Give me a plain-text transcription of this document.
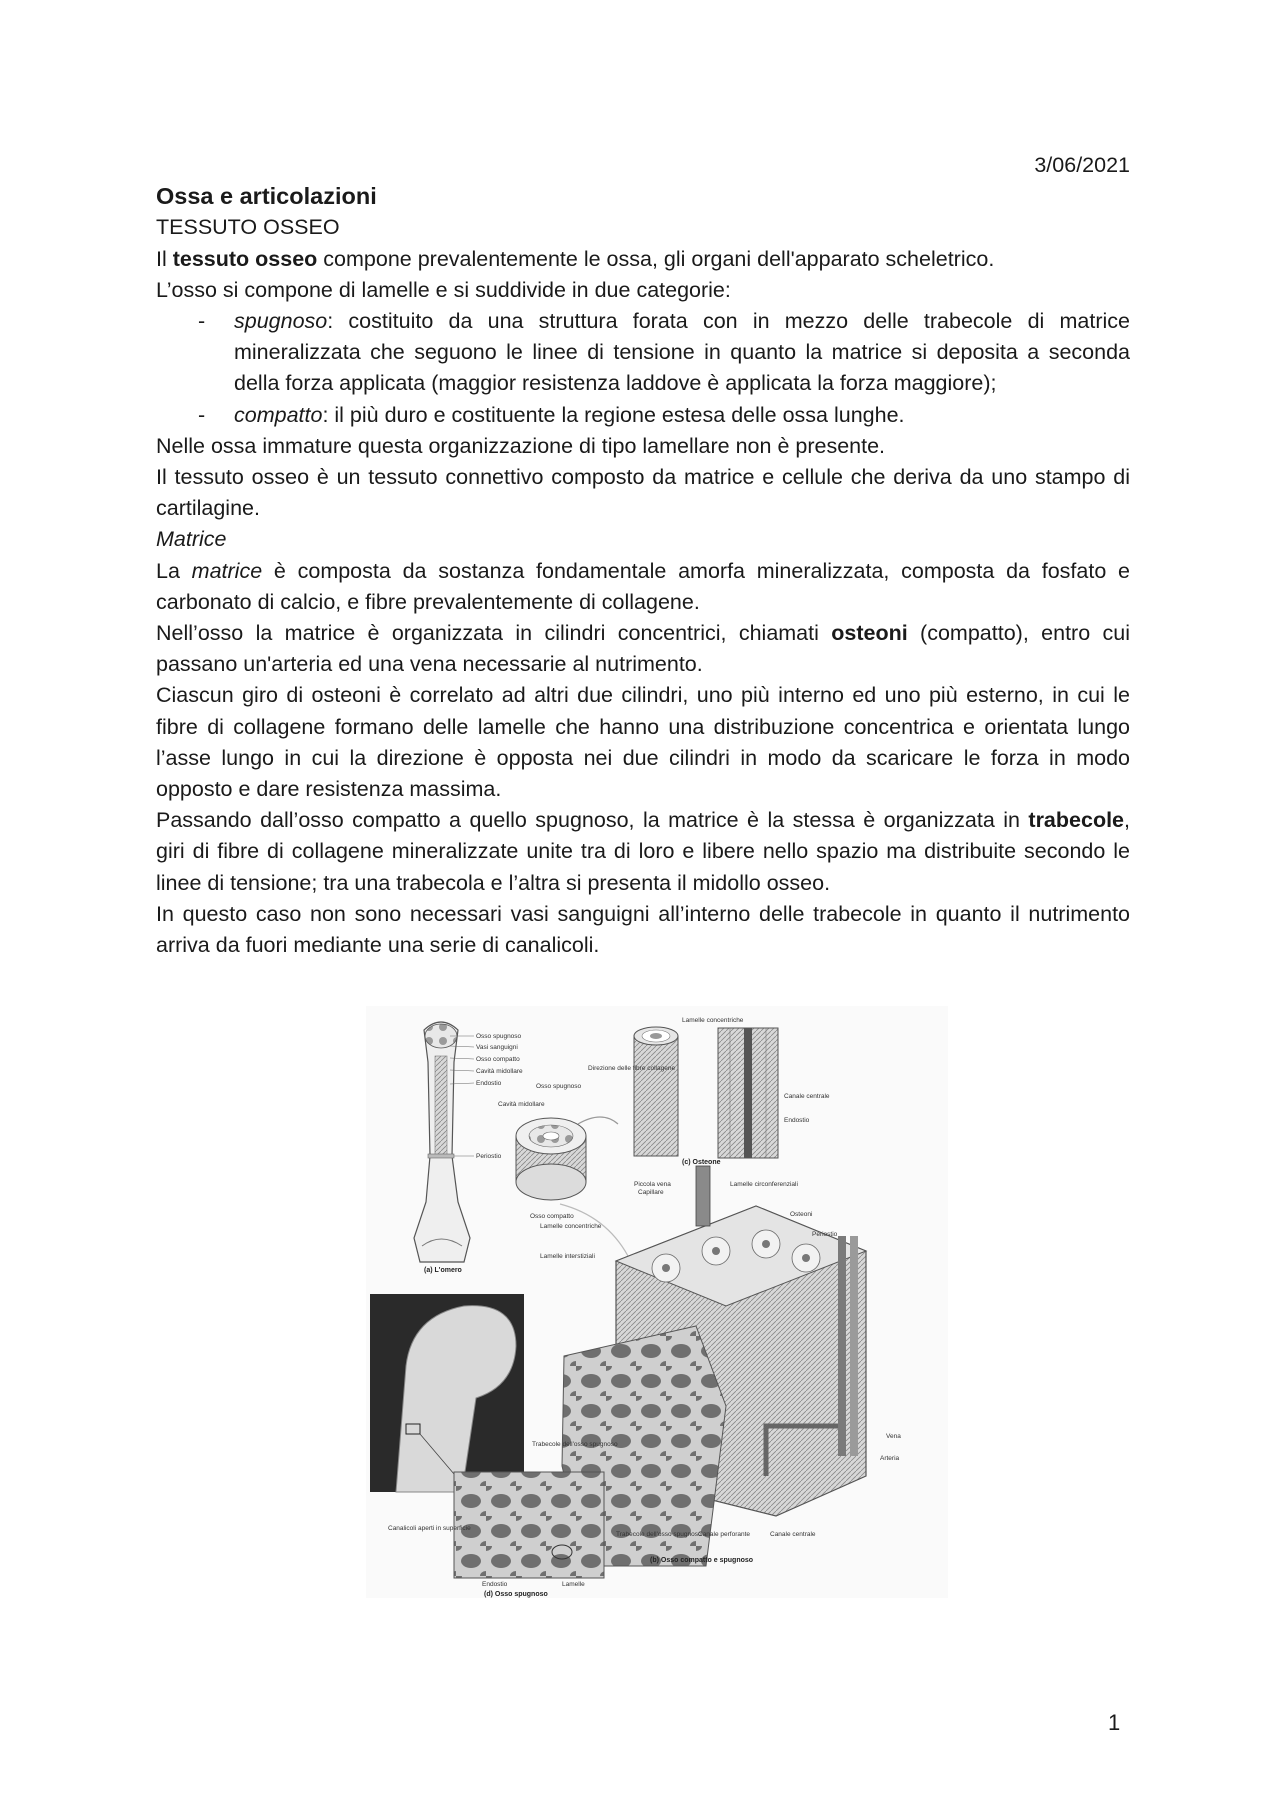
3/06/2021
Ossa e articolazioni
TESSUTO OSSEO

Il tessuto osseo compone prevalentemente le ossa, gli organi dell'apparato scheletrico.

L’osso si compone di lamelle e si suddivide in due categorie:

- spugnoso: costituito da una struttura forata con in mezzo delle trabecole di matrice mineralizzata che seguono le linee di tensione in quanto la matrice si deposita a seconda della forza applicata (maggior resistenza laddove è applicata la forza maggiore);
- compatto: il più duro e costituente la regione estesa delle ossa lunghe.

Nelle ossa immature questa organizzazione di tipo lamellare non è presente.

Il tessuto osseo è un tessuto connettivo composto da matrice e cellule che deriva da uno stampo di cartilagine.

Matrice

La matrice è composta da sostanza fondamentale amorfa mineralizzata, composta da fosfato e carbonato di calcio, e fibre prevalentemente di collagene.

Nell’osso la matrice è organizzata in cilindri concentrici, chiamati osteoni (compatto), entro cui passano un'arteria ed una vena necessarie al nutrimento.

Ciascun giro di osteoni è correlato ad altri due cilindri, uno più interno ed uno più esterno, in cui le fibre di collagene formano delle lamelle che hanno una distribuzione concentrica e orientata lungo l’asse lungo in cui la direzione è opposta nei due cilindri in modo da scaricare le forza in modo opposto e dare resistenza massima.

Passando dall’osso compatto a quello spugnoso, la matrice è la stessa è organizzata in trabecole, giri di fibre di collagene mineralizzate unite tra di loro e libere nello spazio ma distribuite secondo le linee di tensione; tra una trabecola e l’altra si presenta il midollo osseo.

In questo caso non sono necessari vasi sanguigni all’interno delle trabecole in quanto il nutrimento arriva da fuori mediante una serie di canalicoli.

Osso spugnoso
Vasi sanguigni
Osso compatto
Cavità midollare
Endostio
Periostio
(a) L'omero
Osso spugnoso
Cavità midollare
Osso compatto
Lamelle concentriche
Direzione delle fibre collagene
Canale centrale
Endostio
(c) Osteone
Piccola vena
Capillare
Lamelle circonferenziali
Osteoni
Periostio
Lamelle concentriche
Lamelle interstiziali
Vena
Arteria
Trabecole dell'osso spugnoso
Canale perforante	Canale centrale
(b) Osso compatto e spugnoso
Trabecole dell'osso spugnoso
Canalicoli aperti in superficie
Endostio	Lamelle
(d) Osso spugnoso
1
